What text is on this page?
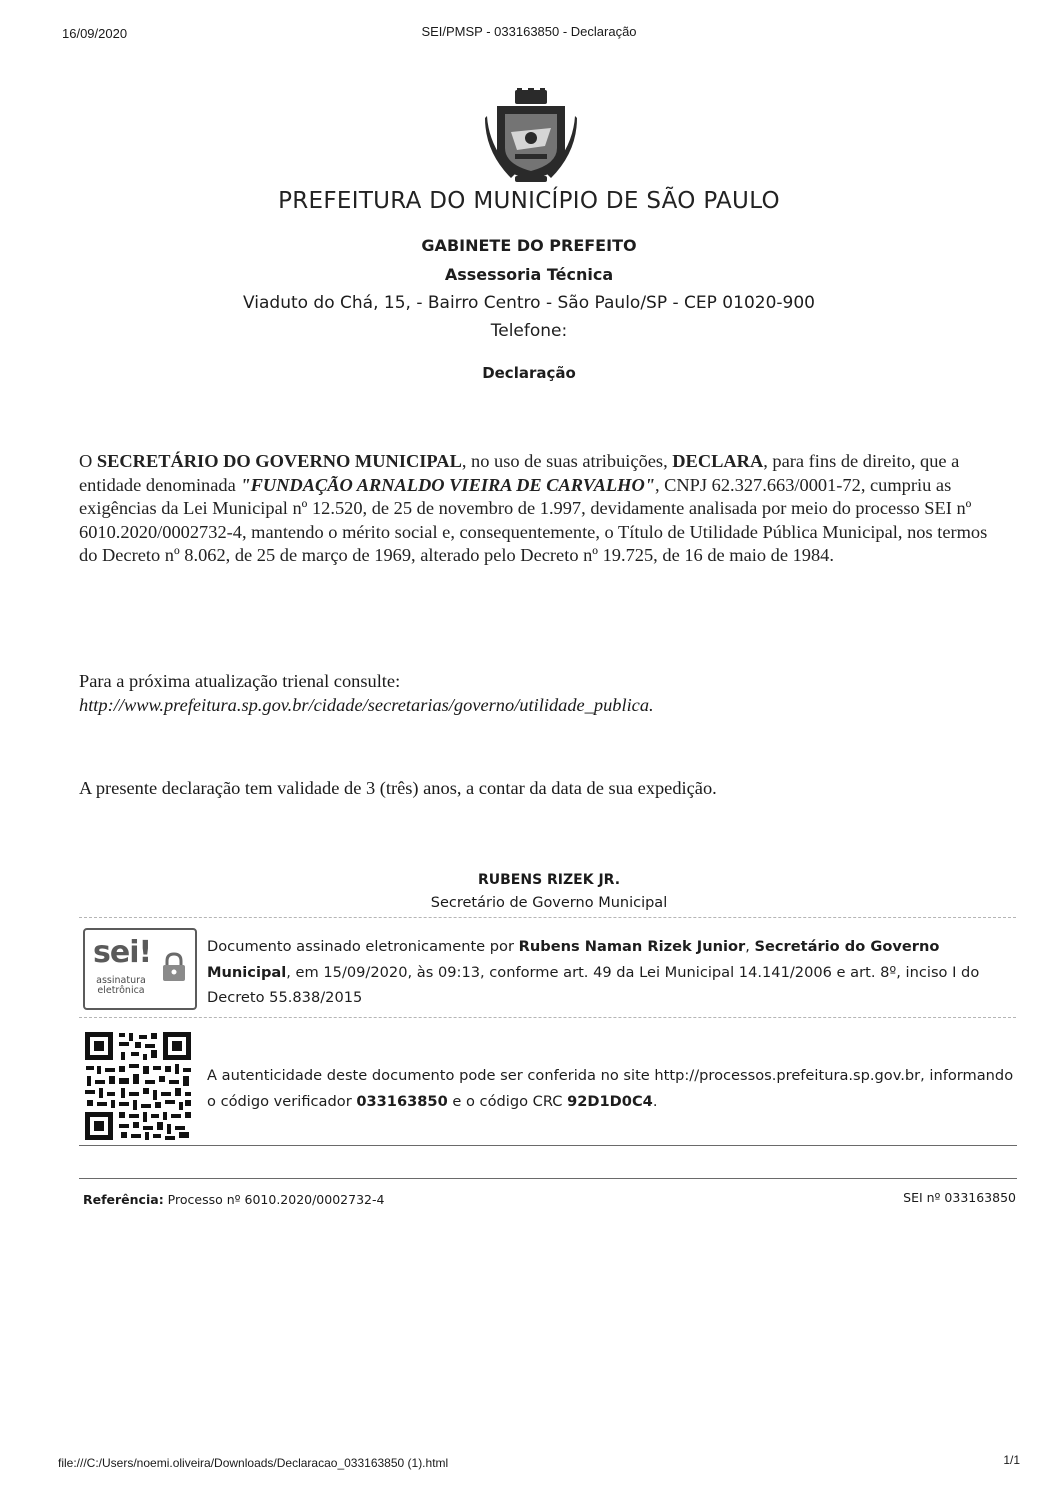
16/09/2020	SEI/PMSP - 033163850 - Declaração
PREFEITURA DO MUNICÍPIO DE SÃO PAULO
GABINETE DO PREFEITO
Assessoria Técnica
Viaduto do Chá, 15, - Bairro Centro - São Paulo/SP - CEP 01020-900
Telefone:
Declaração
O SECRETÁRIO DO GOVERNO MUNICIPAL, no uso de suas atribuições, DECLARA, para fins de direito, que a entidade denominada "FUNDAÇÃO ARNALDO VIEIRA DE CARVALHO", CNPJ 62.327.663/0001-72, cumpriu as exigências da Lei Municipal nº 12.520, de 25 de novembro de 1.997, devidamente analisada por meio do processo SEI nº 6010.2020/0002732-4, mantendo o mérito social e, consequentemente, o Título de Utilidade Pública Municipal, nos termos do Decreto nº 8.062, de 25 de março de 1969, alterado pelo Decreto nº 19.725, de 16 de maio de 1984.
Para a próxima atualização trienal consulte:
http://www.prefeitura.sp.gov.br/cidade/secretarias/governo/utilidade_publica.
A presente declaração tem validade de 3 (três) anos, a contar da data de sua expedição.
RUBENS RIZEK JR.
Secretário de Governo Municipal
sei!
assinatura
eletrônica
Documento assinado eletronicamente por Rubens Naman Rizek Junior, Secretário do Governo Municipal, em 15/09/2020, às 09:13, conforme art. 49 da Lei Municipal 14.141/2006 e art. 8º, inciso I do Decreto 55.838/2015
A autenticidade deste documento pode ser conferida no site http://processos.prefeitura.sp.gov.br, informando o código verificador 033163850 e o código CRC 92D1D0C4.
Referência: Processo nº 6010.2020/0002732-4	SEI nº 033163850
file:///C:/Users/noemi.oliveira/Downloads/Declaracao_033163850 (1).html	1/1
